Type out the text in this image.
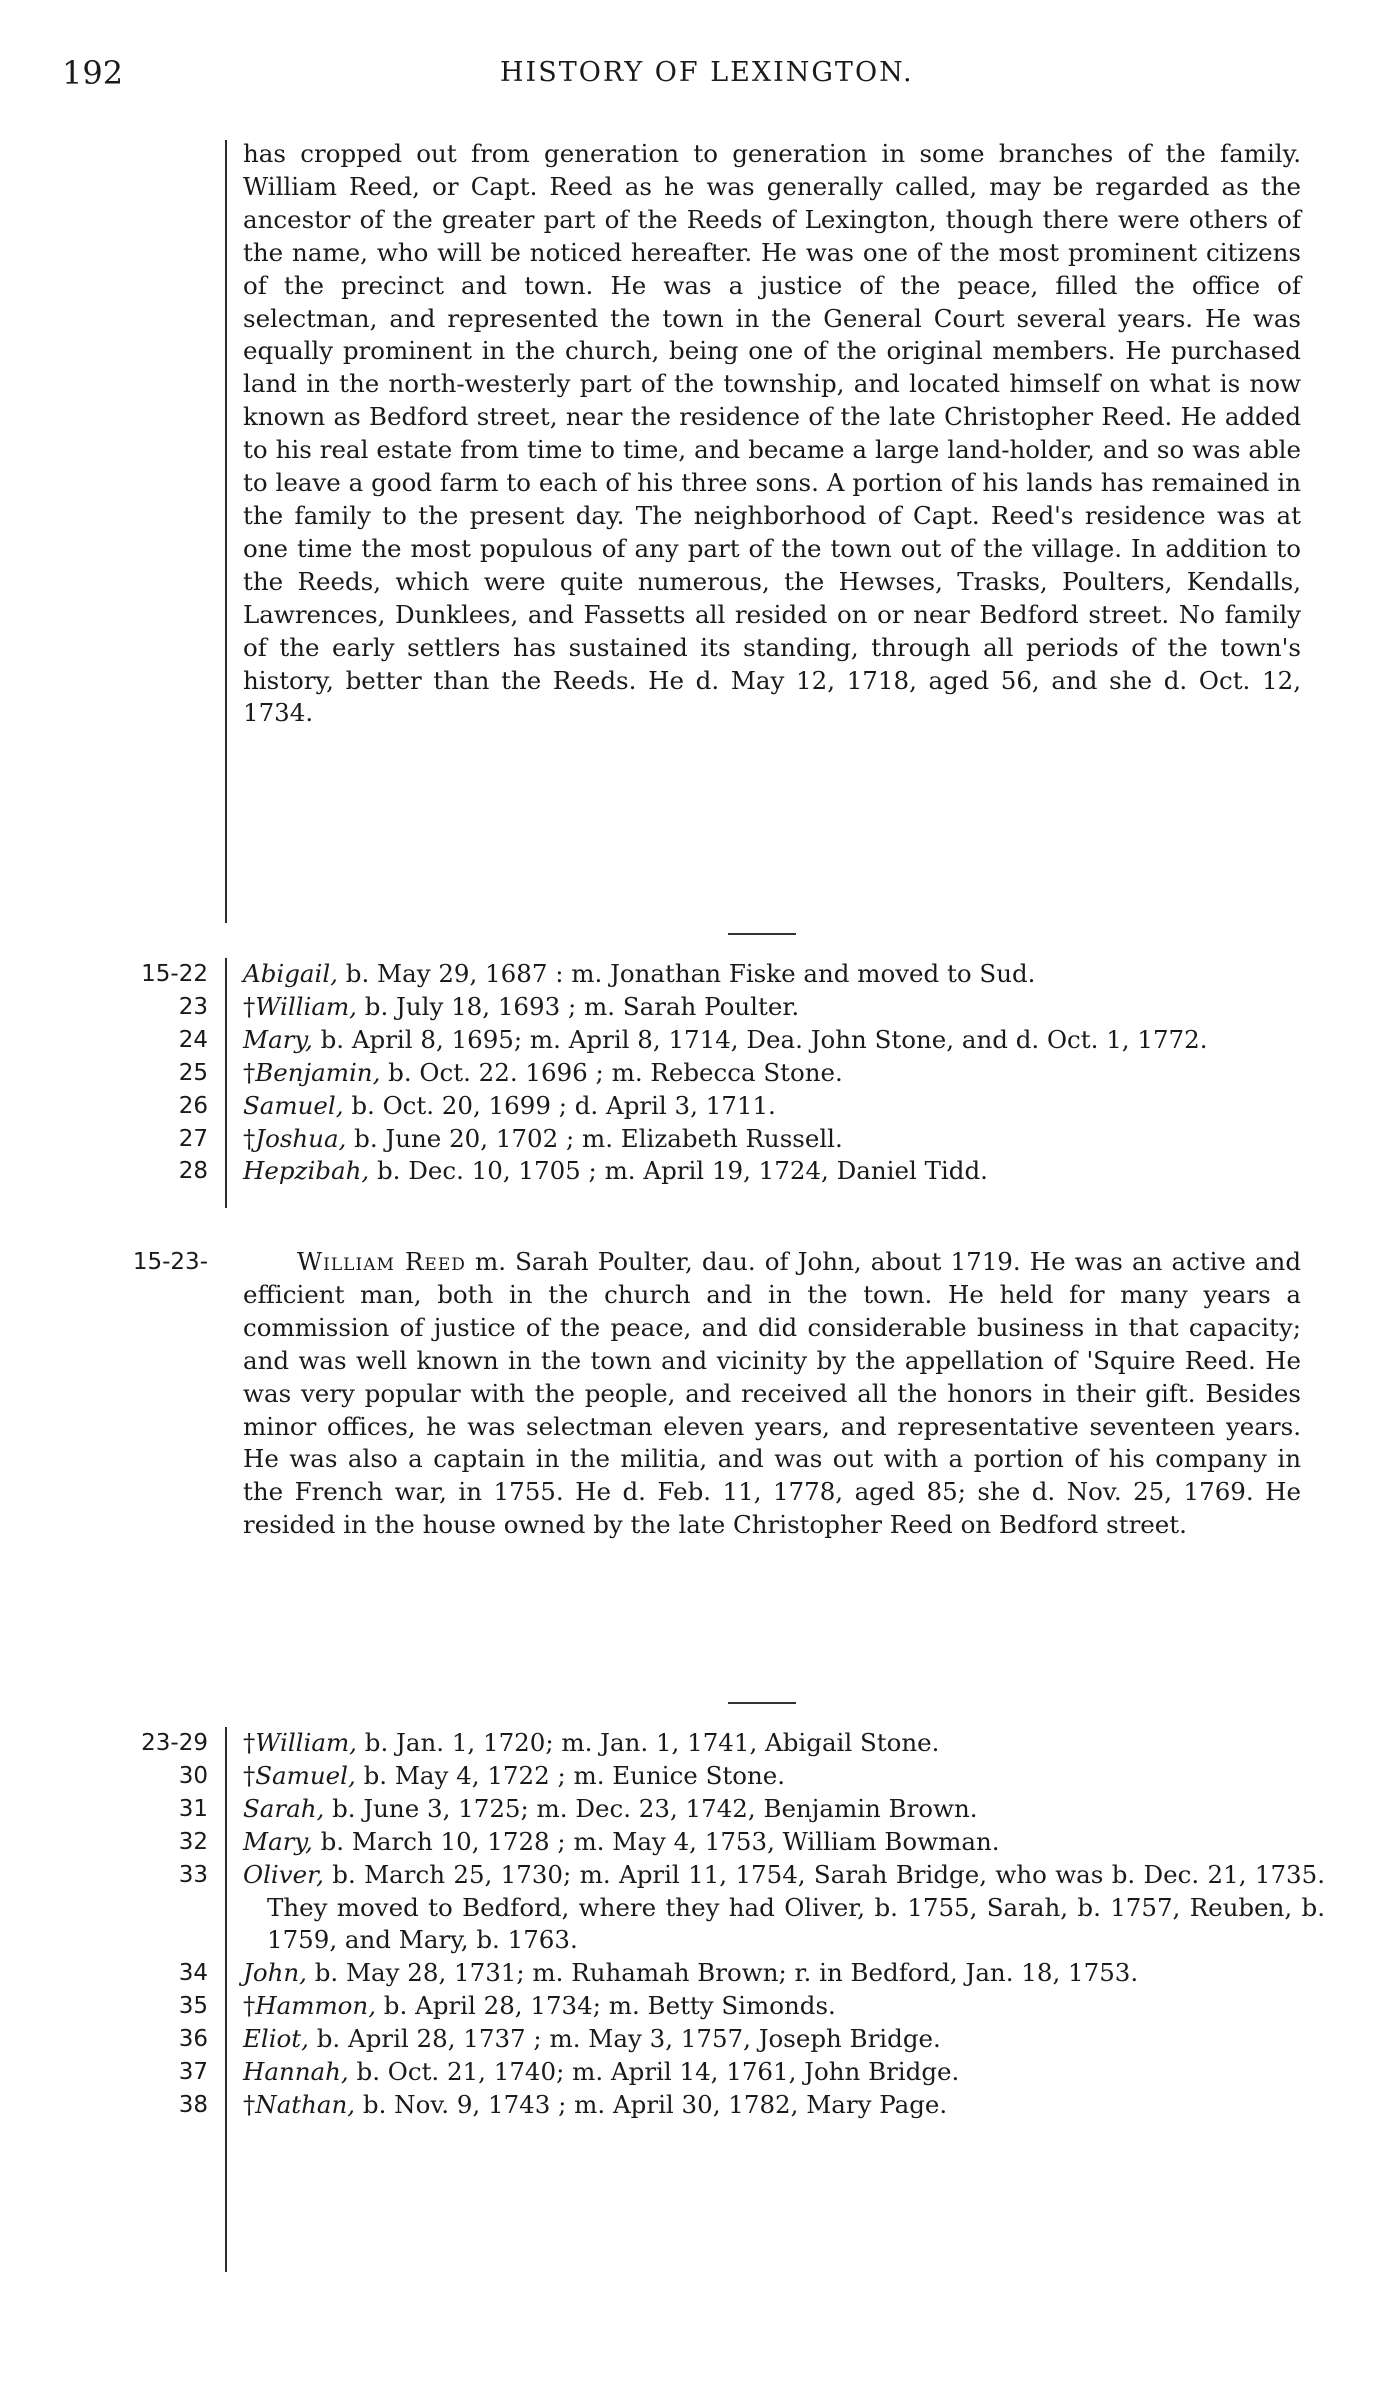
192	HISTORY OF LEXINGTON.
has cropped out from generation to generation in some branches of the family. William Reed, or Capt. Reed as he was generally called, may be regarded as the ancestor of the greater part of the Reeds of Lexington, though there were others of the name, who will be noticed hereafter. He was one of the most prominent citizens of the precinct and town. He was a justice of the peace, filled the office of selectman, and represented the town in the General Court several years. He was equally prominent in the church, being one of the original members. He purchased land in the north-westerly part of the township, and located himself on what is now known as Bedford street, near the residence of the late Christopher Reed. He added to his real estate from time to time, and became a large land-holder, and so was able to leave a good farm to each of his three sons. A portion of his lands has remained in the family to the present day. The neighborhood of Capt. Reed's residence was at one time the most populous of any part of the town out of the village. In addition to the Reeds, which were quite numerous, the Hewses, Trasks, Poulters, Kendalls, Lawrences, Dunklees, and Fassetts all resided on or near Bedford street. No family of the early settlers has sustained its standing, through all periods of the town's history, better than the Reeds. He d. May 12, 1718, aged 56, and she d. Oct. 12, 1734.
15-22 Abigail, b. May 29, 1687 : m. Jonathan Fiske and moved to Sud.
23 †William, b. July 18, 1693 ; m. Sarah Poulter.
24 Mary, b. April 8, 1695; m. April 8, 1714, Dea. John Stone, and d. Oct. 1, 1772.
25 †Benjamin, b. Oct. 22. 1696 ; m. Rebecca Stone.
26 Samuel, b. Oct. 20, 1699 ; d. April 3, 1711.
27 †Joshua, b. June 20, 1702 ; m. Elizabeth Russell.
28 Hepzibah, b. Dec. 10, 1705 ; m. April 19, 1724, Daniel Tidd.
15-23-	William Reed m. Sarah Poulter, dau. of John, about 1719. He was an active and efficient man, both in the church and in the town. He held for many years a commission of justice of the peace, and did considerable business in that capacity; and was well known in the town and vicinity by the appellation of 'Squire Reed. He was very popular with the people, and received all the honors in their gift. Besides minor offices, he was selectman eleven years, and representative seventeen years. He was also a captain in the militia, and was out with a portion of his company in the French war, in 1755. He d. Feb. 11, 1778, aged 85; she d. Nov. 25, 1769. He resided in the house owned by the late Christopher Reed on Bedford street.
23-29 †William, b. Jan. 1, 1720; m. Jan. 1, 1741, Abigail Stone.
30 †Samuel, b. May 4, 1722 ; m. Eunice Stone.
31 Sarah, b. June 3, 1725; m. Dec. 23, 1742, Benjamin Brown.
32 Mary, b. March 10, 1728 ; m. May 4, 1753, William Bowman.
33 Oliver, b. March 25, 1730; m. April 11, 1754, Sarah Bridge, who was b. Dec. 21, 1735. They moved to Bedford, where they had Oliver, b. 1755, Sarah, b. 1757, Reuben, b. 1759, and Mary, b. 1763.
34 John, b. May 28, 1731; m. Ruhamah Brown; r. in Bedford, Jan. 18, 1753.
35 †Hammon, b. April 28, 1734; m. Betty Simonds.
36 Eliot, b. April 28, 1737 ; m. May 3, 1757, Joseph Bridge.
37 Hannah, b. Oct. 21, 1740; m. April 14, 1761, John Bridge.
38 †Nathan, b. Nov. 9, 1743 ; m. April 30, 1782, Mary Page.
